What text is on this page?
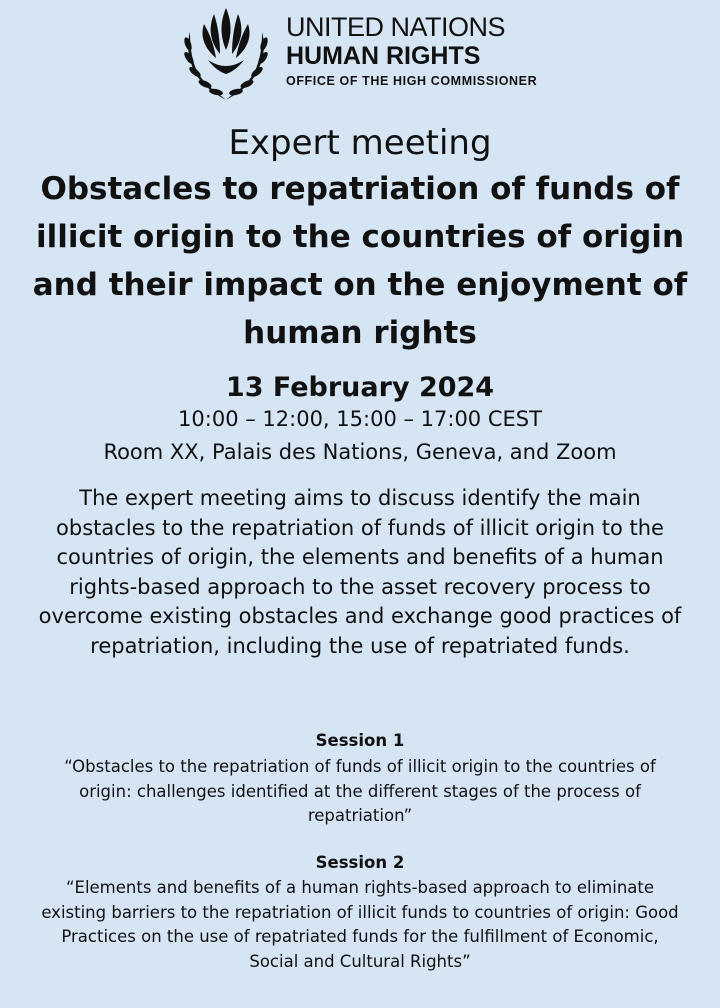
UNITED NATIONS
HUMAN RIGHTS
OFFICE OF THE HIGH COMMISSIONER
Expert meeting
Obstacles to repatriation of funds of illicit origin to the countries of origin and their impact on the enjoyment of human rights
13 February 2024
10:00 – 12:00, 15:00 – 17:00 CEST
Room XX, Palais des Nations, Geneva, and Zoom

The expert meeting aims to discuss identify the main obstacles to the repatriation of funds of illicit origin to the countries of origin, the elements and benefits of a human rights-based approach to the asset recovery process to overcome existing obstacles and exchange good practices of repatriation, including the use of repatriated funds.

Session 1

“Obstacles to the repatriation of funds of illicit origin to the countries of origin: challenges identified at the different stages of the process of repatriation”

Session 2

“Elements and benefits of a human rights-based approach to eliminate existing barriers to the repatriation of illicit funds to countries of origin: Good Practices on the use of repatriated funds for the fulfillment of Economic, Social and Cultural Rights”
